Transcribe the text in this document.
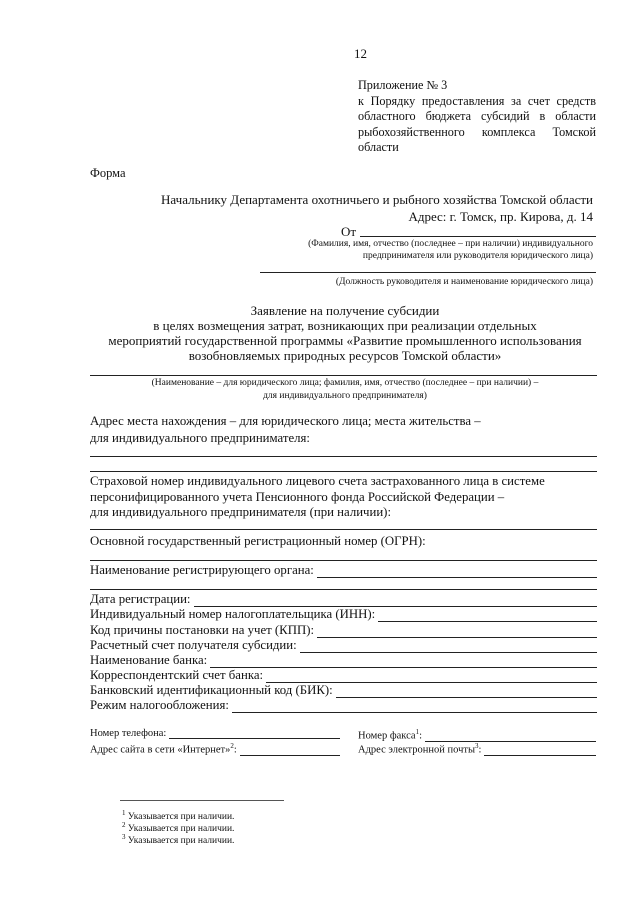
12
Приложение № 3
к Порядку предоставления за счет средств областного бюджета субсидий в области рыбохозяйственного комплекса Томской области
Форма
Начальнику Департамента охотничьего и рыбного хозяйства Томской области
Адрес: г. Томск, пр. Кирова, д. 14
От
(Фамилия, имя, отчество (последнее – при наличии) индивидуального
предпринимателя или руководителя юридического лица)
(Должность руководителя и наименование юридического лица)
Заявление на получение субсидии
в целях возмещения затрат, возникающих при реализации отдельных
мероприятий государственной программы «Развитие промышленного использования
возобновляемых природных ресурсов Томской области»
(Наименование – для юридического лица; фамилия, имя, отчество (последнее – при наличии) –
для индивидуального предпринимателя)
Адрес места нахождения – для юридического лица; места жительства –
для индивидуального предпринимателя:
Страховой номер индивидуального лицевого счета застрахованного лица в системе
персонифицированного учета Пенсионного фонда Российской Федерации –
для индивидуального предпринимателя (при наличии):
Основной государственный регистрационный номер (ОГРН):
Наименование регистрирующего органа:
Дата регистрации:
Индивидуальный номер налогоплательщика (ИНН):
Код причины постановки на учет (КПП):
Расчетный счет получателя субсидии:
Наименование банка:
Корреспондентский счет банка:
Банковский идентификационный код (БИК):
Режим налогообложения:
Номер телефона:	Номер факса$^1$:
Адрес сайта в сети «Интернет»$^2$:	Адрес электронной почты$^3$:
$^1$ Указывается при наличии.
$^2$ Указывается при наличии.
$^3$ Указывается при наличии.
